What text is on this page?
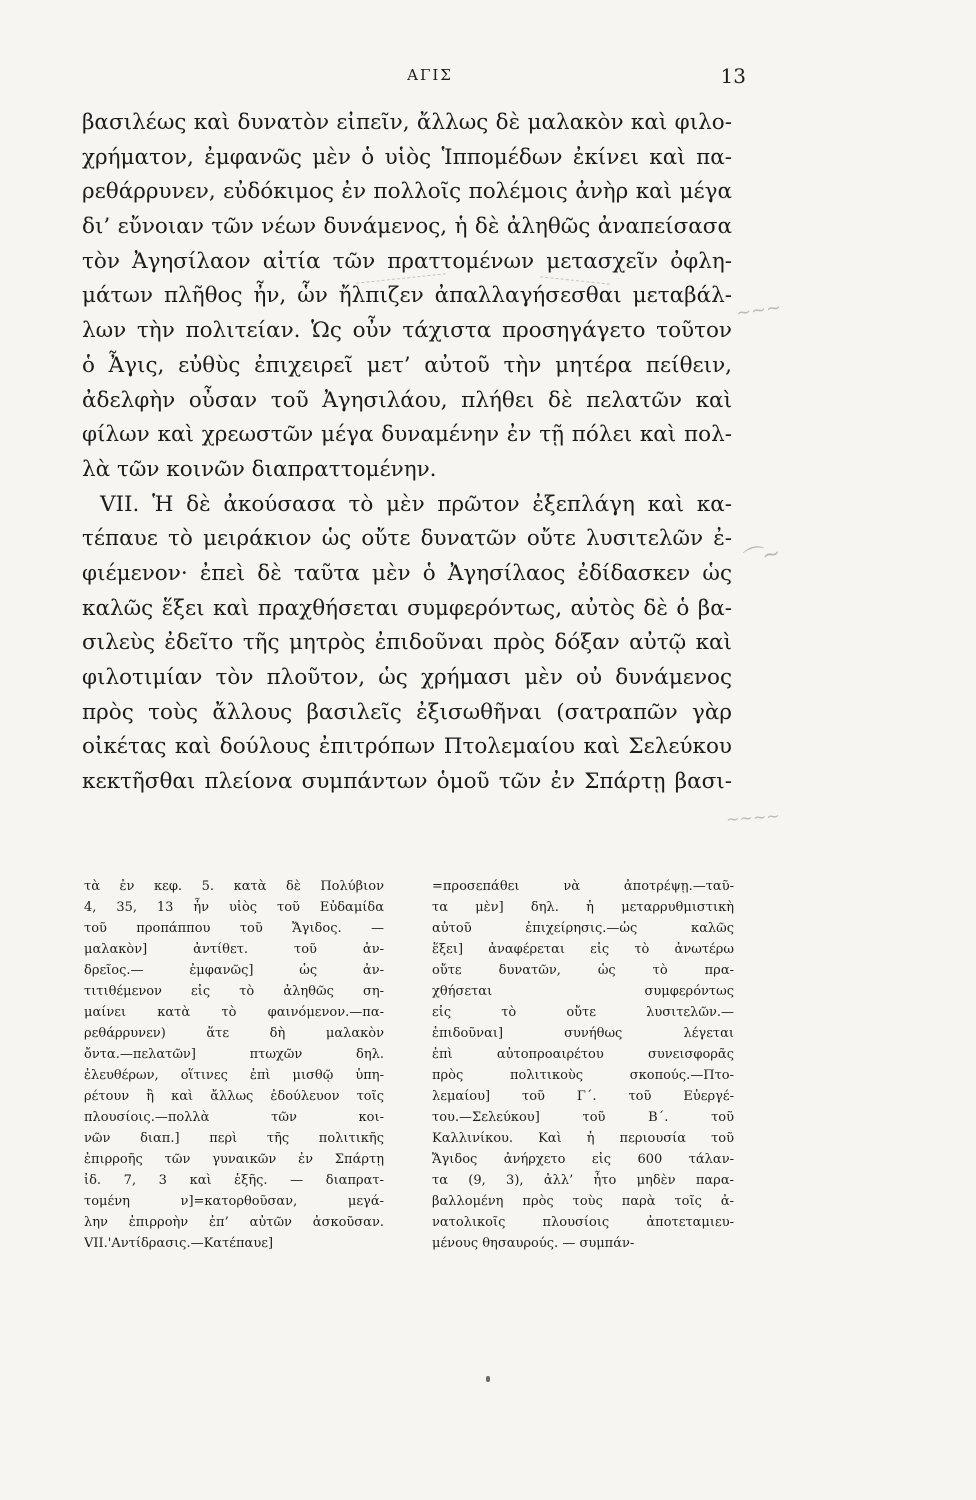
ΑΓΙΣ	13
βασιλέως καὶ δυνατὸν εἰπεῖν, ἄλλως δὲ μαλακὸν καὶ φιλο-
χρήματον, ἐμφανῶς μὲν ὁ υἱὸς Ἱππομέδων ἐκίνει καὶ πα-
ρεθάρρυνεν, εὐδόκιμος ἐν πολλοῖς πολέμοις ἀνὴρ καὶ μέγα
δι’ εὔνοιαν τῶν νέων δυνάμενος, ἡ δὲ ἀληθῶς ἀναπείσασα
τὸν Ἀγησίλαον αἰτία τῶν πραττομένων μετασχεῖν ὀφλη-
μάτων πλῆθος ἦν, ὧν ἤλπιζεν ἀπαλλαγήσεσθαι μεταβάλ-
λων τὴν πολιτείαν. Ὡς οὖν τάχιστα προσηγάγετο τοῦτον
ὁ Ἆγις, εὐθὺς ἐπιχειρεῖ μετ’ αὐτοῦ τὴν μητέρα πείθειν,
ἀδελφὴν οὖσαν τοῦ Ἀγησιλάου, πλήθει δὲ πελατῶν καὶ
φίλων καὶ χρεωστῶν μέγα δυναμένην ἐν τῇ πόλει καὶ πολ-
λὰ τῶν κοινῶν διαπραττομένην.
VII. Ἡ δὲ ἀκούσασα τὸ μὲν πρῶτον ἐξεπλάγη καὶ κα-
τέπαυε τὸ μειράκιον ὡς οὔτε δυνατῶν οὔτε λυσιτελῶν ἐ-
φιέμενον· ἐπεὶ δὲ ταῦτα μὲν ὁ Ἀγησίλαος ἐδίδασκεν ὡς
καλῶς ἕξει καὶ πραχθήσεται συμφερόντως, αὐτὸς δὲ ὁ βα-
σιλεὺς ἐδεῖτο τῆς μητρὸς ἐπιδοῦναι πρὸς δόξαν αὐτῷ καὶ
φιλοτιμίαν τὸν πλοῦτον, ὡς χρήμασι μὲν οὐ δυνάμενος
πρὸς τοὺς ἄλλους βασιλεῖς ἐξισωθῆναι (σατραπῶν γὰρ
οἰκέτας καὶ δούλους ἐπιτρόπων Πτολεμαίου καὶ Σελεύκου
κεκτῆσθαι πλείονα συμπάντων ὁμοῦ τῶν ἐν Σπάρτῃ βασι-
τὰ ἐν κεφ. 5. κατὰ δὲ Πολύβιον
4, 35, 13 ἦν υἱὸς τοῦ Εὐδαμίδα
τοῦ προπάππου τοῦ Ἄγιδος. —
μαλακὸν] ἀντίθετ. τοῦ ἀν-
δρεῖος.— ἐμφανῶς] ὡς ἀν-
τιτιθέμενον εἰς τὸ ἀληθῶς ση-
μαίνει κατὰ τὸ φαινόμενον.—πα-
ρεθάρρυνεν) ἅτε δὴ μαλακὸν
ὄντα.—πελατῶν] πτωχῶν δηλ.
ἐλευθέρων, οἵτινες ἐπὶ μισθῷ ὑπη-
ρέτουν ἢ καὶ ἄλλως ἐδούλευον τοῖς
πλουσίοις.—πολλὰ τῶν κοι-
νῶν διαπ.] περὶ τῆς πολιτικῆς
ἐπιρροῆς τῶν γυναικῶν ἐν Σπάρτῃ
ἰδ. 7, 3 καὶ ἑξῆς. — διαπρατ-
τομένη ν]=κατορθοῦσαν, μεγά-
λην ἐπιρροὴν ἐπ’ αὐτῶν ἀσκοῦσαν.
VII.'Αντίδρασις.—Κατέπαυε]
=προσεπάθει νὰ ἀποτρέψῃ.—ταῦ-
τα μὲν] δηλ. ἡ μεταρρυθμιστικὴ
αὐτοῦ ἐπιχείρησις.—ὡς καλῶς
ἕξει] ἀναφέρεται εἰς τὸ ἀνωτέρω
οὔτε δυνατῶν, ὡς τὸ πρα-
χθήσεται συμφερόντως
εἰς τὸ οὔτε λυσιτελῶν.—
ἐπιδοῦναι] συνήθως λέγεται
ἐπὶ αὐτοπροαιρέτου συνεισφορᾶς
πρὸς πολιτικοὺς σκοπούς.—Πτο-
λεμαίου] τοῦ Γ΄. τοῦ Εὐεργέ-
του.—Σελεύκου] τοῦ Β΄. τοῦ
Καλλινίκου. Καὶ ἡ περιουσία τοῦ
Ἄγιδος ἀνήρχετο εἰς 600 τάλαν-
τα (9, 3), ἀλλ’ ἦτο μηδὲν παρα-
βαλλομένη πρὸς τοὺς παρὰ τοῖς ἀ-
νατολικοῖς πλουσίοις ἀποτεταμιευ-
μένους θησαυρούς. — συμπάν-
~~~
⌒~
~~~~
